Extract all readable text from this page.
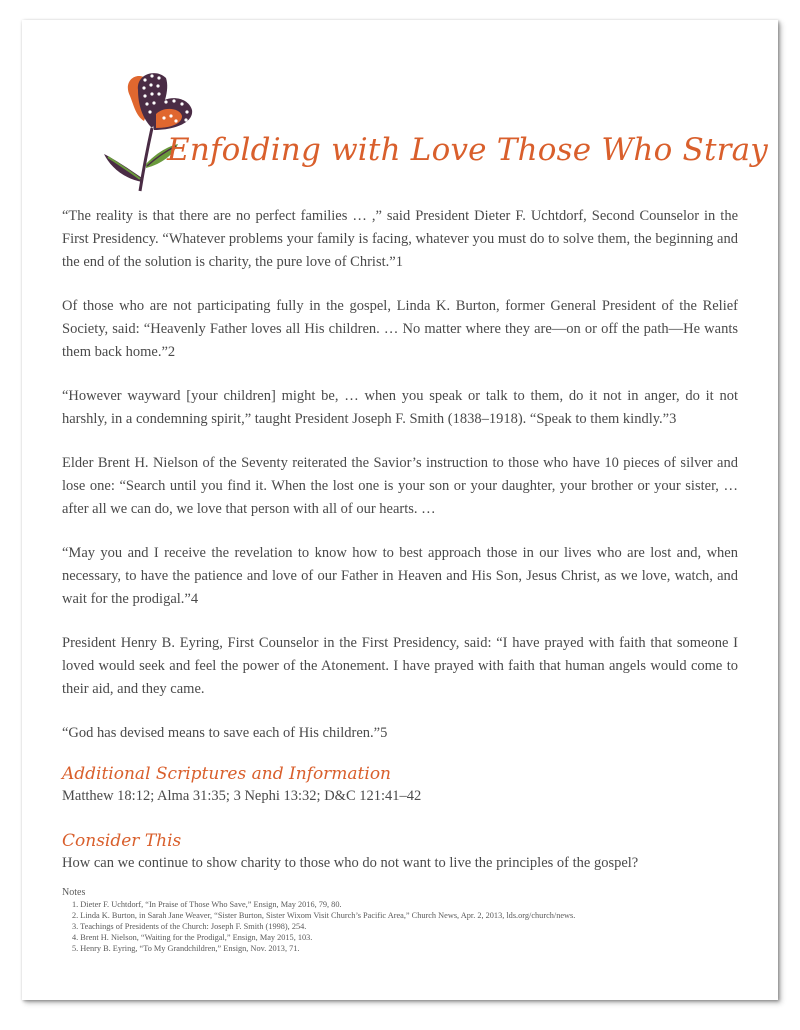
Enfolding with Love Those Who Stray

“The reality is that there are no perfect families … ,” said President Dieter F. Uchtdorf, Second Counselor in the First Presidency. “Whatever problems your family is facing, whatever you must do to solve them, the beginning and the end of the solution is charity, the pure love of Christ.”1

Of those who are not participating fully in the gospel, Linda K. Burton, former General President of the Relief Society, said: “Heavenly Father loves all His children. … No matter where they are—on or off the path—He wants them back home.”2

“However wayward [your children] might be, … when you speak or talk to them, do it not in anger, do it not harshly, in a condemning spirit,” taught President Joseph F. Smith (1838–1918). “Speak to them kindly.”3

Elder Brent H. Nielson of the Seventy reiterated the Savior’s instruction to those who have 10 pieces of silver and lose one: “Search until you find it. When the lost one is your son or your daughter, your brother or your sister, … after all we can do, we love that person with all of our hearts. …

“May you and I receive the revelation to know how to best approach those in our lives who are lost and, when necessary, to have the patience and love of our Father in Heaven and His Son, Jesus Christ, as we love, watch, and wait for the prodigal.”4

President Henry B. Eyring, First Counselor in the First Presidency, said: “I have prayed with faith that someone I loved would seek and feel the power of the Atonement. I have prayed with faith that human angels would come to their aid, and they came.

“God has devised means to save each of His children.”5

Additional Scriptures and Information
Matthew 18:12; Alma 31:35; 3 Nephi 13:32; D&C 121:41–42
Consider This
How can we continue to show charity to those who do not want to live the principles of the gospel?
Notes
1. Dieter F. Uchtdorf, “In Praise of Those Who Save,” Ensign, May 2016, 79, 80.
2. Linda K. Burton, in Sarah Jane Weaver, “Sister Burton, Sister Wixom Visit Church’s Pacific Area,” Church News, Apr. 2, 2013, lds.org/church/news.
3. Teachings of Presidents of the Church: Joseph F. Smith (1998), 254.
4. Brent H. Nielson, “Waiting for the Prodigal,” Ensign, May 2015, 103.
5. Henry B. Eyring, “To My Grandchildren,” Ensign, Nov. 2013, 71.
